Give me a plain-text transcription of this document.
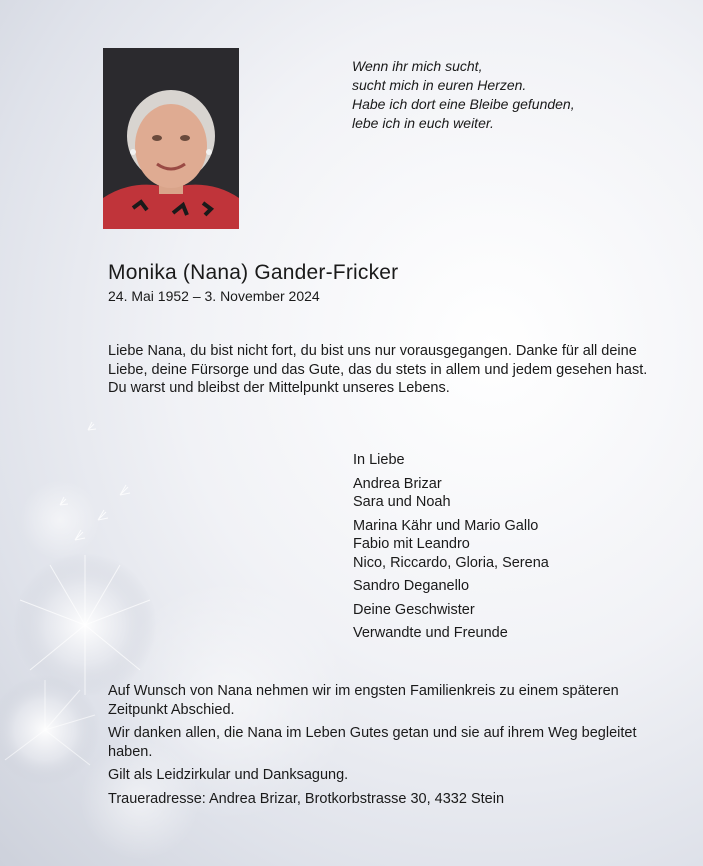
Wenn ihr mich sucht,
sucht mich in euren Herzen.
Habe ich dort eine Bleibe gefunden,
lebe ich in euch weiter.
Monika (Nana) Gander-Fricker
24. Mai 1952 – 3. November 2024
Liebe Nana, du bist nicht fort, du bist uns nur vorausgegangen. Danke für all deine Liebe, deine Fürsorge und das Gute, das du stets in allem und jedem gesehen hast. Du warst und bleibst der Mittelpunkt unseres Lebens.
In Liebe
Andrea Brizar
Sara und Noah
Marina Kähr und Mario Gallo
Fabio mit Leandro
Nico, Riccardo, Gloria, Serena
Sandro Deganello
Deine Geschwister
Verwandte und Freunde
Auf Wunsch von Nana nehmen wir im engsten Familienkreis zu einem späteren Zeitpunkt Abschied.
Wir danken allen, die Nana im Leben Gutes getan und sie auf ihrem Weg begleitet haben.
Gilt als Leidzirkular und Danksagung.
Traueradresse: Andrea Brizar, Brotkorbstrasse 30, 4332 Stein
